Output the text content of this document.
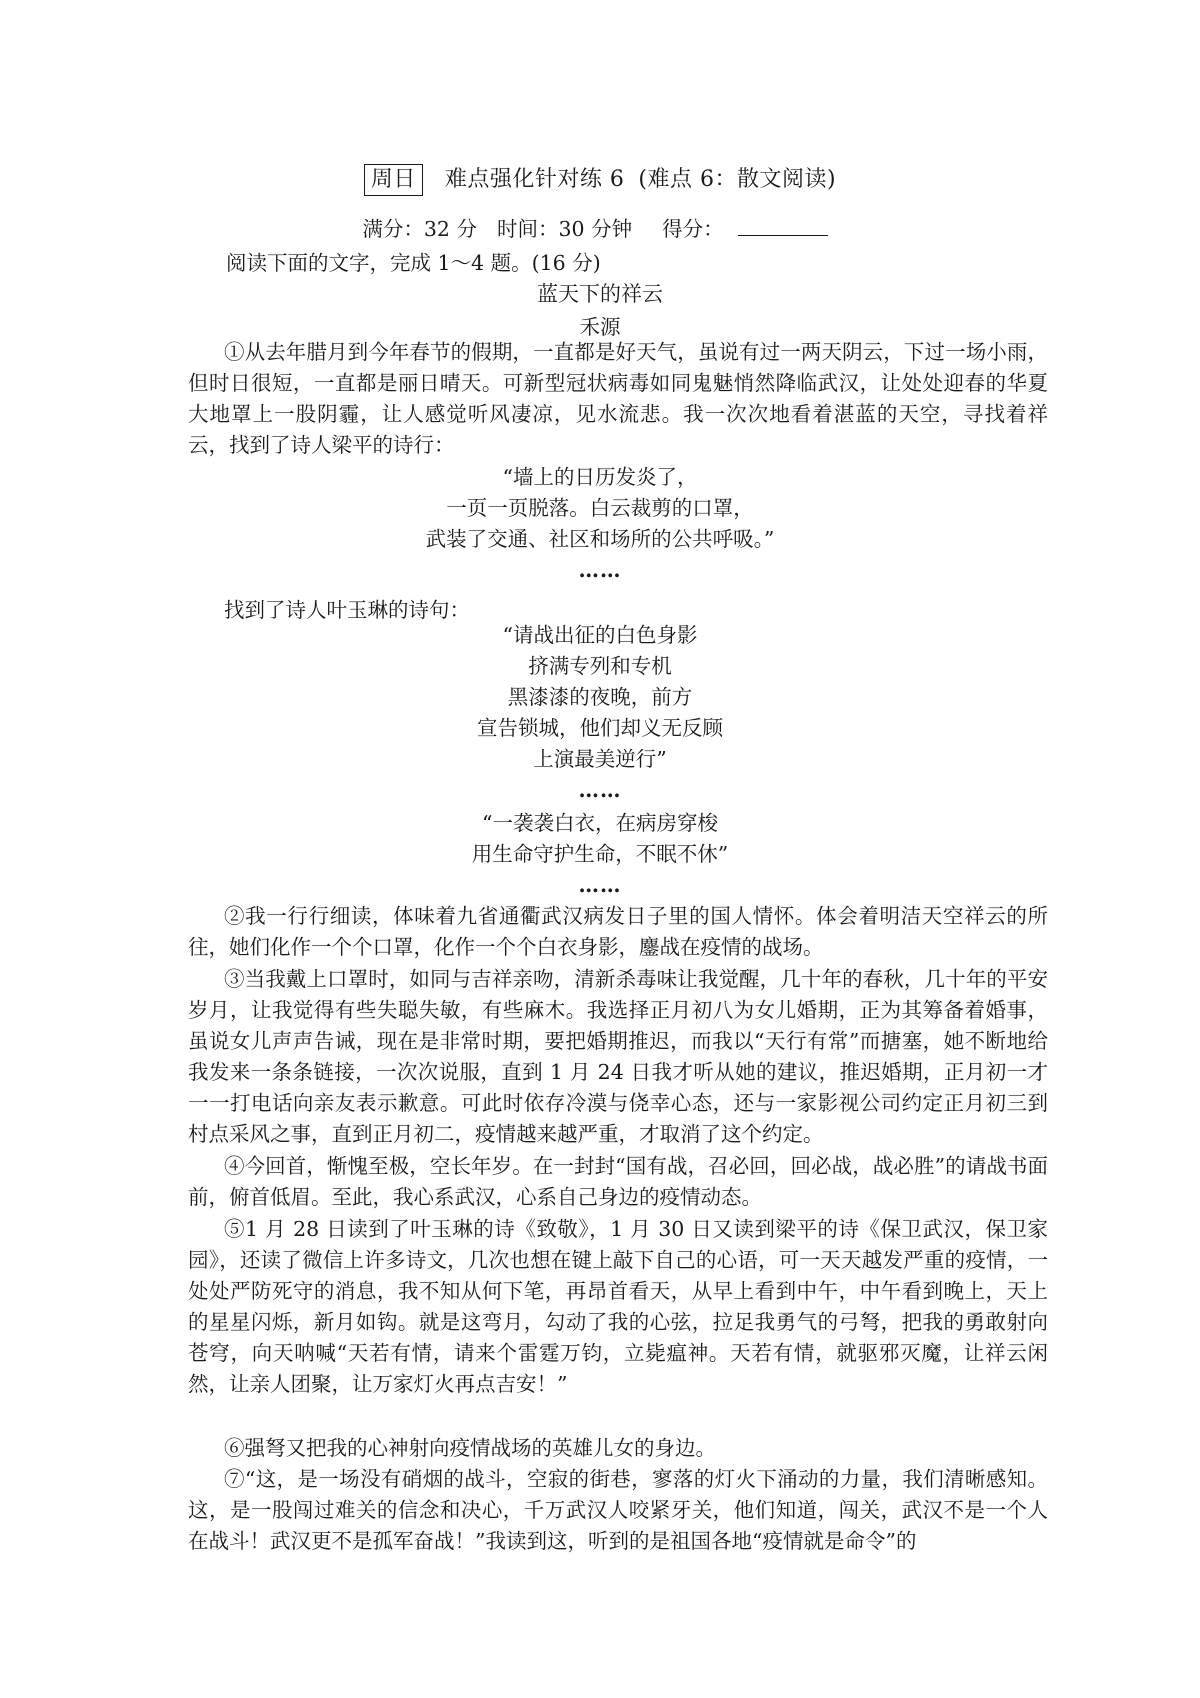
周日 难点强化针对练 6 (难点 6：散文阅读)
满分：32 分 时间：30 分钟 得分：
阅读下面的文字，完成 1～4 题。(16 分)
蓝天下的祥云
禾源

①从去年腊月到今年春节的假期，一直都是好天气，虽说有过一两天阴云，下过一场小雨，但时日很短，一直都是丽日晴天。可新型冠状病毒如同鬼魅悄然降临武汉，让处处迎春的华夏大地罩上一股阴霾，让人感觉听风凄凉，见水流悲。我一次次地看着湛蓝的天空，寻找着祥云，找到了诗人梁平的诗行：

“墙上的日历发炎了，
一页一页脱落。白云裁剪的口罩，
武装了交通、社区和场所的公共呼吸。”
……

找到了诗人叶玉琳的诗句：

“请战出征的白色身影
挤满专列和专机
黑漆漆的夜晚，前方
宣告锁城，他们却义无反顾
上演最美逆行”
……
“一袭袭白衣，在病房穿梭
用生命守护生命，不眠不休”
……

②我一行行细读，体味着九省通衢武汉病发日子里的国人情怀。体会着明洁天空祥云的所往，她们化作一个个口罩，化作一个个白衣身影，鏖战在疫情的战场。

③当我戴上口罩时，如同与吉祥亲吻，清新杀毒味让我觉醒，几十年的春秋，几十年的平安岁月，让我觉得有些失聪失敏，有些麻木。我选择正月初八为女儿婚期，正为其筹备着婚事，虽说女儿声声告诫，现在是非常时期，要把婚期推迟，而我以“天行有常”而搪塞，她不断地给我发来一条条链接，一次次说服，直到 1 月 24 日我才听从她的建议，推迟婚期，正月初一才一一打电话向亲友表示歉意。可此时依存冷漠与侥幸心态，还与一家影视公司约定正月初三到村点采风之事，直到正月初二，疫情越来越严重，才取消了这个约定。

④今回首，惭愧至极，空长年岁。在一封封“国有战，召必回，回必战，战必胜”的请战书面前，俯首低眉。至此，我心系武汉，心系自己身边的疫情动态。

⑤1 月 28 日读到了叶玉琳的诗《致敬》，1 月 30 日又读到梁平的诗《保卫武汉，保卫家园》，还读了微信上许多诗文，几次也想在键上敲下自己的心语，可一天天越发严重的疫情，一处处严防死守的消息，我不知从何下笔，再昂首看天，从早上看到中午，中午看到晚上，天上的星星闪烁，新月如钩。就是这弯月，勾动了我的心弦，拉足我勇气的弓弩，把我的勇敢射向苍穹，向天呐喊“天若有情，请来个雷霆万钧，立毙瘟神。天若有情，就驱邪灭魔，让祥云闲然，让亲人团聚，让万家灯火再点吉安！”

⑥强弩又把我的心神射向疫情战场的英雄儿女的身边。

⑦“这，是一场没有硝烟的战斗，空寂的街巷，寥落的灯火下涌动的力量，我们清晰感知。这，是一股闯过难关的信念和决心，千万武汉人咬紧牙关，他们知道，闯关，武汉不是一个人在战斗！武汉更不是孤军奋战！”我读到这，听到的是祖国各地“疫情就是命令”的
